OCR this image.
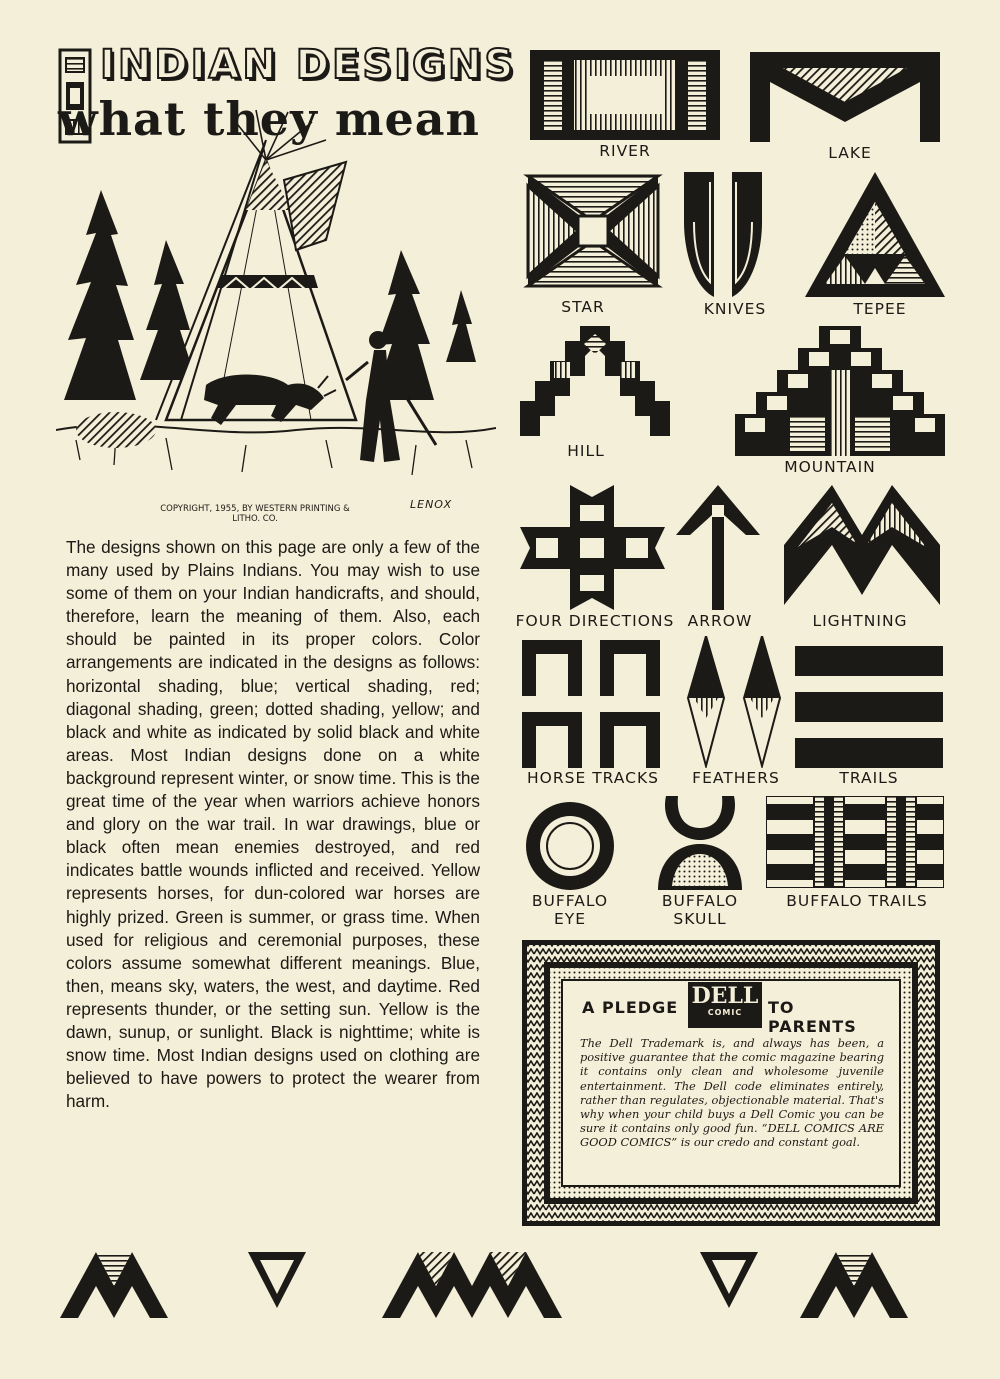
INDIAN DESIGNS
what they mean
COPYRIGHT, 1955, BY WESTERN PRINTING & LITHO. CO.
LENOX
The designs shown on this page are only a few of the many used by Plains Indians. You may wish to use some of them on your Indian handicrafts, and should, therefore, learn the meaning of them. Also, each should be painted in its proper colors. Color arrangements are indicated in the designs as follows: horizontal shading, blue; vertical shading, red; diagonal shading, green; dotted shading, yellow; and black and white as indicated by solid black and white areas. Most Indian designs done on a white background represent winter, or snow time. This is the great time of the year when warriors achieve honors and glory on the war trail. In war drawings, blue or black often mean enemies destroyed, and red indicates battle wounds inflicted and received. Yellow represents horses, for dun-colored war horses are highly prized. Green is summer, or grass time. When used for religious and ceremonial purposes, these colors assume somewhat different meanings. Blue, then, means sky, waters, the west, and daytime. Red represents thunder, or the setting sun. Yellow is the dawn, sunup, or sunlight. Black is nighttime; white is snow time. Most Indian designs used on clothing are believed to have powers to protect the wearer from harm.
RIVER	LAKE
STAR	KNIVES	TEPEE
HILL
MOUNTAIN
FOUR DIRECTIONS ARROW	LIGHTNING
HORSE TRACKS	FEATHERS	TRAILS
BUFFALO
EYE
BUFFALO
SKULL
BUFFALO TRAILS
A PLEDGE	TO PARENTS
DELL
COMIC
The Dell Trademark is, and always has been, a positive guarantee that the comic magazine bearing it contains only clean and wholesome juvenile entertainment. The Dell code eliminates entirely, rather than regulates, objectionable material. That's why when your child buys a Dell Comic you can be sure it contains only good fun. “DELL COMICS ARE GOOD COMICS” is our credo and constant goal.
